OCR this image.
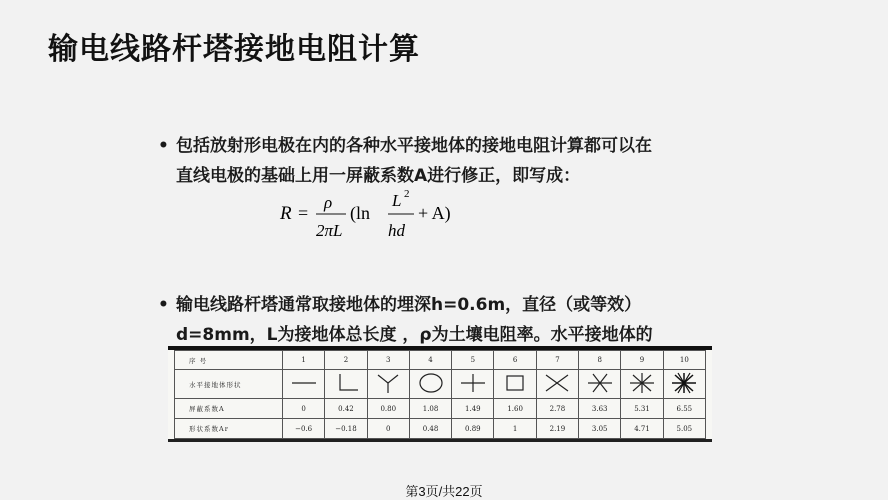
输电线路杆塔接地电阻计算
• 包括放射形电极在内的各种水平接地体的接地电阻计算都可以在
直线电极的基础上用一屏蔽系数A进行修正，即写成：
R =
ρ
2πL
(ln
L 2
hd
+ A)
• 输电线路杆塔通常取接地体的埋深h=0.6m，直径（或等效）
d=8mm，L为接地体总长度 ，ρ为土壤电阻率。水平接地体的
序 号	1	2	3	4	5	6	7	8	9	10
水平接地体形状										
屏蔽系数A	0	0.42	0.80	1.08	1.49	1.60	2.78	3.63	5.31	6.55
形状系数Ar	−0.6	−0.18	0	0.48	0.89	1	2.19	3.05	4.71	5.05
第3页/共22页
